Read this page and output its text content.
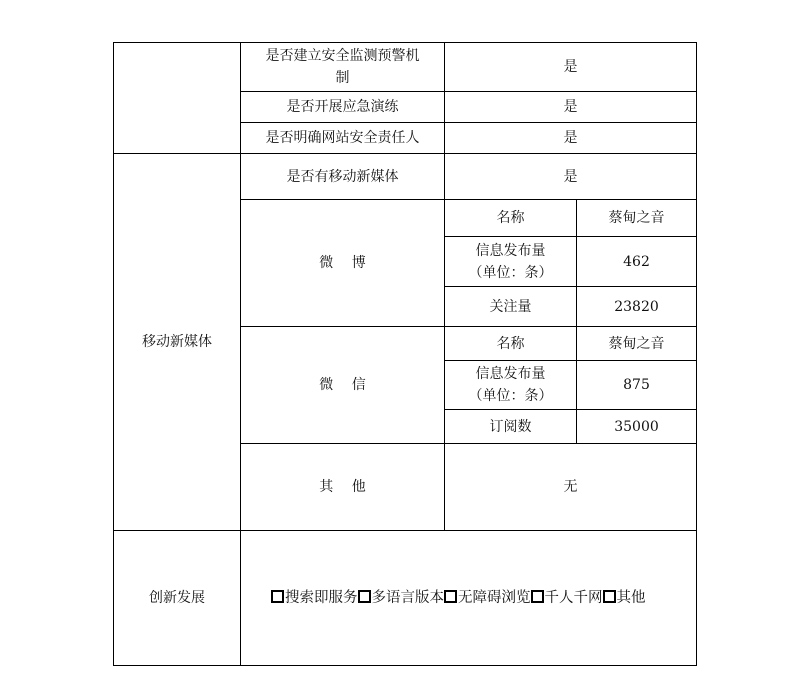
	是否建立安全监测预警机制	是	
	是否开展应急演练	是	
	是否明确网站安全责任人	是	
移动新媒体	是否有移动新媒体	是	
	微 博	名称	蔡甸之音
		信息发布量（单位：条）	462
		关注量	23820
	微 信	名称	蔡甸之音
		信息发布量（单位：条）	875
		订阅数	35000
	其 他	无	
创新发展	搜索即服务 多语言版本 无障碍浏览 千人千网 其他		
